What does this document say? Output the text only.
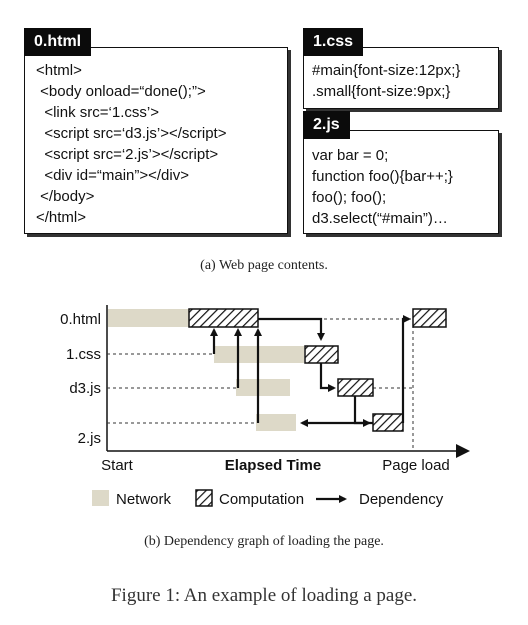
0.html
<html>
<body onload=“done();”>
<link src=‘1.css’>
<script src=‘d3.js’></script>
<script src=‘2.js’></script>
<div id=“main”></div>
</body>
</html>
1.css
#main{font-size:12px;}
.small{font-size:9px;}
2.js
var bar = 0;
function foo(){bar++;}
foo(); foo();
d3.select(“#main”)…
(a) Web page contents.
0.html
1.css
d3.js
2.js
Start	Elapsed Time	Page load
Network	Computation	Dependency
(b) Dependency graph of loading the page.
Figure 1: An example of loading a page.
